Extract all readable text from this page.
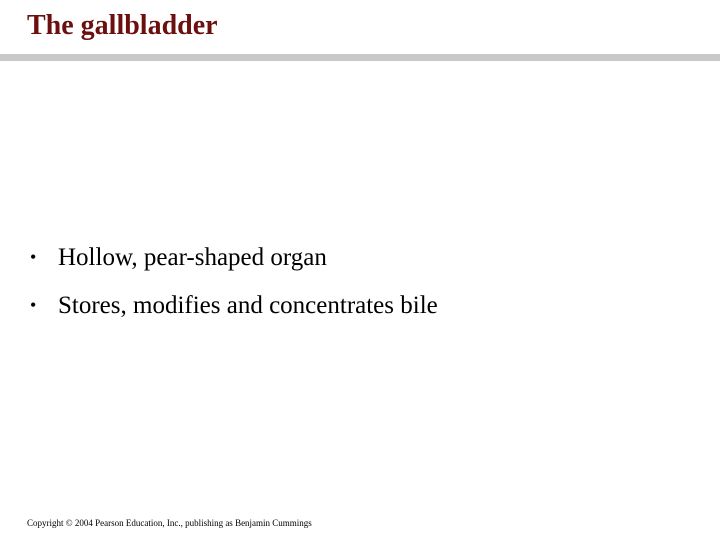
The gallbladder
• Hollow, pear-shaped organ
• Stores, modifies and concentrates bile
Copyright © 2004 Pearson Education, Inc., publishing as Benjamin Cummings
